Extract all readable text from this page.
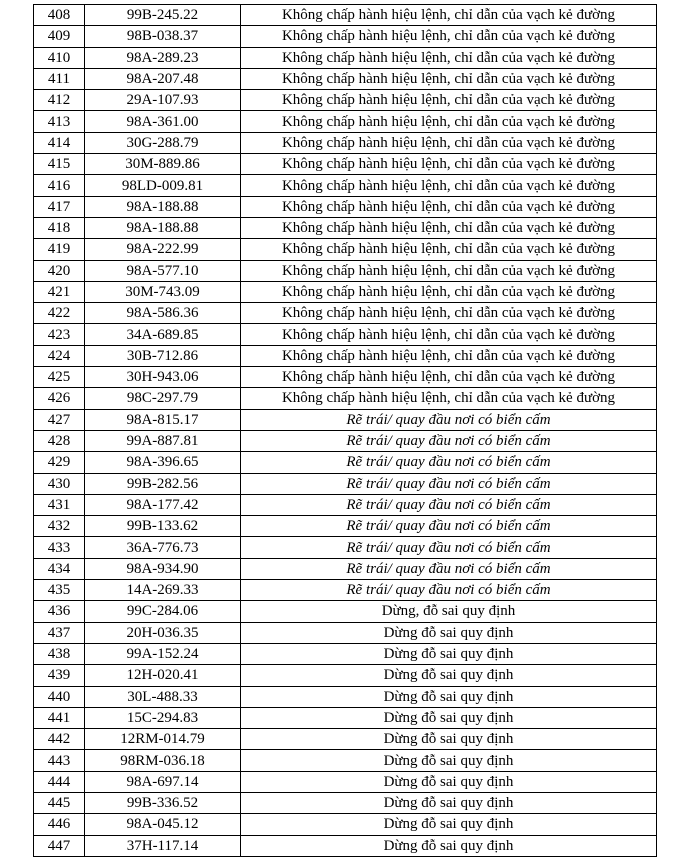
408	99B-245.22	Không chấp hành hiệu lệnh, chỉ dẫn của vạch kẻ đường
409	98B-038.37	Không chấp hành hiệu lệnh, chỉ dẫn của vạch kẻ đường
410	98A-289.23	Không chấp hành hiệu lệnh, chỉ dẫn của vạch kẻ đường
411	98A-207.48	Không chấp hành hiệu lệnh, chỉ dẫn của vạch kẻ đường
412	29A-107.93	Không chấp hành hiệu lệnh, chỉ dẫn của vạch kẻ đường
413	98A-361.00	Không chấp hành hiệu lệnh, chỉ dẫn của vạch kẻ đường
414	30G-288.79	Không chấp hành hiệu lệnh, chỉ dẫn của vạch kẻ đường
415	30M-889.86	Không chấp hành hiệu lệnh, chỉ dẫn của vạch kẻ đường
416	98LD-009.81	Không chấp hành hiệu lệnh, chỉ dẫn của vạch kẻ đường
417	98A-188.88	Không chấp hành hiệu lệnh, chỉ dẫn của vạch kẻ đường
418	98A-188.88	Không chấp hành hiệu lệnh, chỉ dẫn của vạch kẻ đường
419	98A-222.99	Không chấp hành hiệu lệnh, chỉ dẫn của vạch kẻ đường
420	98A-577.10	Không chấp hành hiệu lệnh, chỉ dẫn của vạch kẻ đường
421	30M-743.09	Không chấp hành hiệu lệnh, chỉ dẫn của vạch kẻ đường
422	98A-586.36	Không chấp hành hiệu lệnh, chỉ dẫn của vạch kẻ đường
423	34A-689.85	Không chấp hành hiệu lệnh, chỉ dẫn của vạch kẻ đường
424	30B-712.86	Không chấp hành hiệu lệnh, chỉ dẫn của vạch kẻ đường
425	30H-943.06	Không chấp hành hiệu lệnh, chỉ dẫn của vạch kẻ đường
426	98C-297.79	Không chấp hành hiệu lệnh, chỉ dẫn của vạch kẻ đường
427	98A-815.17	Rẽ trái/ quay đầu nơi có biển cấm
428	99A-887.81	Rẽ trái/ quay đầu nơi có biển cấm
429	98A-396.65	Rẽ trái/ quay đầu nơi có biển cấm
430	99B-282.56	Rẽ trái/ quay đầu nơi có biển cấm
431	98A-177.42	Rẽ trái/ quay đầu nơi có biển cấm
432	99B-133.62	Rẽ trái/ quay đầu nơi có biển cấm
433	36A-776.73	Rẽ trái/ quay đầu nơi có biển cấm
434	98A-934.90	Rẽ trái/ quay đầu nơi có biển cấm
435	14A-269.33	Rẽ trái/ quay đầu nơi có biển cấm
436	99C-284.06	Dừng, đỗ sai quy định
437	20H-036.35	Dừng đỗ sai quy định
438	99A-152.24	Dừng đỗ sai quy định
439	12H-020.41	Dừng đỗ sai quy định
440	30L-488.33	Dừng đỗ sai quy định
441	15C-294.83	Dừng đỗ sai quy định
442	12RM-014.79	Dừng đỗ sai quy định
443	98RM-036.18	Dừng đỗ sai quy định
444	98A-697.14	Dừng đỗ sai quy định
445	99B-336.52	Dừng đỗ sai quy định
446	98A-045.12	Dừng đỗ sai quy định
447	37H-117.14	Dừng đỗ sai quy định
